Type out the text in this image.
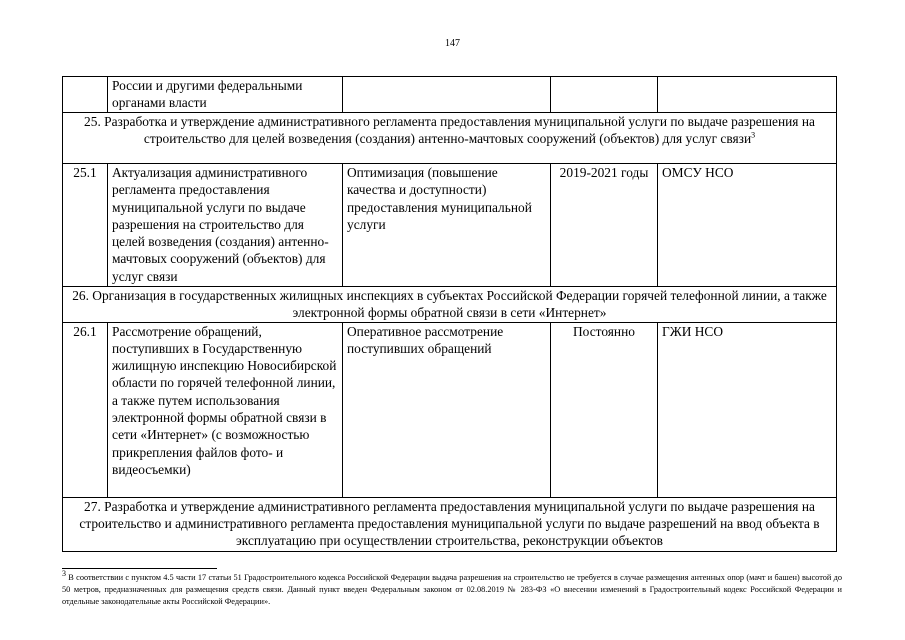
147
	России и другими федеральными органами власти			
25. Разработка и утверждение административного регламента предоставления муниципальной услуги по выдаче разрешения на строительство для целей возведения (создания) антенно-мачтовых сооружений (объектов) для услуг связи$^3$
25.1	Актуализация административного регламента предоставления муниципальной услуги по выдаче разрешения на строительство для целей возведения (создания) антенно-мачтовых сооружений (объектов) для услуг связи	Оптимизация (повышение качества и доступности) предоставления муниципальной услуги	2019-2021 годы	ОМСУ НСО
26. Организация в государственных жилищных инспекциях в субъектах Российской Федерации горячей телефонной линии, а также электронной формы обратной связи в сети «Интернет»				
26.1	Рассмотрение обращений, поступивших в Государственную жилищную инспекцию Новосибирской области по горячей телефонной линии, а также путем использования электронной формы обратной связи в сети «Интернет» (с возможностью прикрепления файлов фото- и видеосъемки)	Оперативное рассмотрение поступивших обращений	Постоянно	ГЖИ НСО
27. Разработка и утверждение административного регламента предоставления муниципальной услуги по выдаче разрешения на строительство и административного регламента предоставления муниципальной услуги по выдаче разрешений на ввод объекта в эксплуатацию при осуществлении строительства, реконструкции объектов				
$^3$ В соответствии с пунктом 4.5 части 17 статьи 51 Градостроительного кодекса Российской Федерации выдача разрешения на строительство не требуется в случае размещения антенных опор (мачт и башен) высотой до 50 метров, предназначенных для размещения средств связи. Данный пункт введен Федеральным законом от 02.08.2019 № 283-ФЗ «О внесении изменений в Градостроительный кодекс Российской Федерации и отдельные законодательные акты Российской Федерации».
